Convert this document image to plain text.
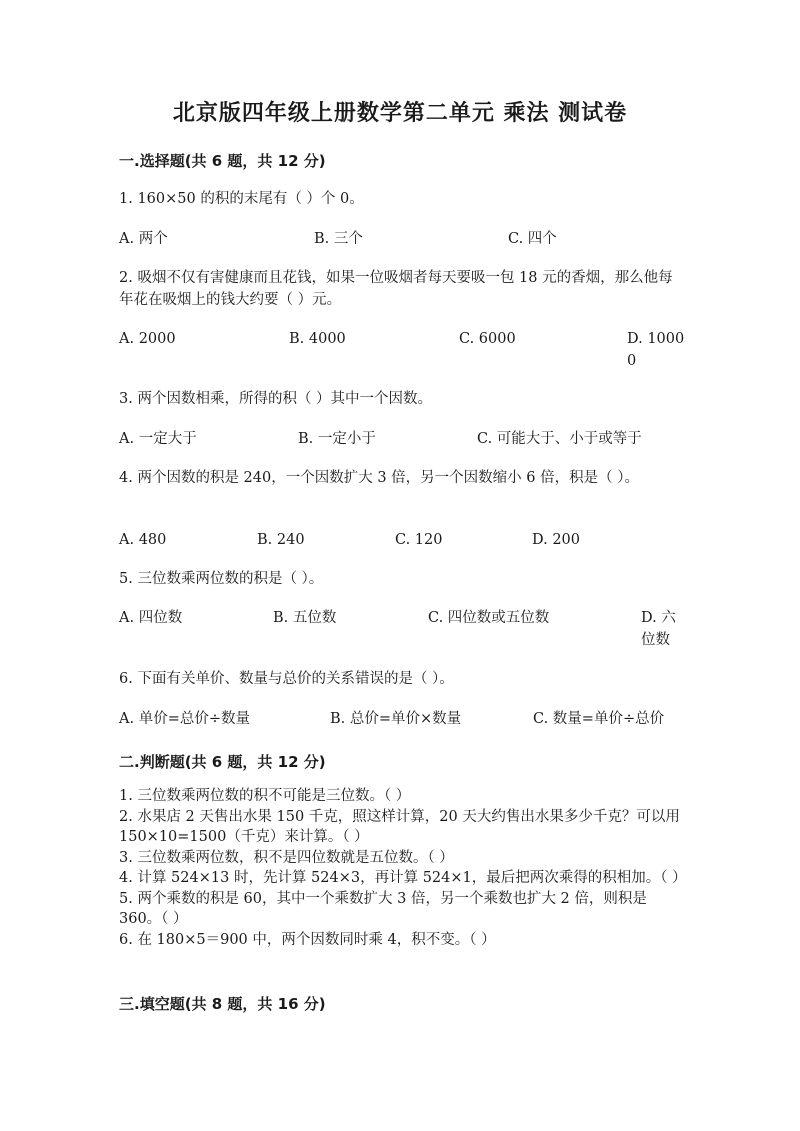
北京版四年级上册数学第二单元 乘法 测试卷
一.选择题(共 6 题，共 12 分)
1. 160×50 的积的末尾有（ ）个 0。
A. 两个	B. 三个	C. 四个
2. 吸烟不仅有害健康而且花钱，如果一位吸烟者每天要吸一包 18 元的香烟，那么他每年花在吸烟上的钱大约要（ ）元。
A. 2000	B. 4000	C. 6000	D. 1000
0
3. 两个因数相乘，所得的积（ ）其中一个因数。
A. 一定大于	B. 一定小于	C. 可能大于、小于或等于
4. 两个因数的积是 240，一个因数扩大 3 倍，另一个因数缩小 6 倍，积是（ ）。
A. 480	B. 240	C. 120	D. 200
5. 三位数乘两位数的积是（ ）。
A. 四位数	B. 五位数	C. 四位数或五位数	D. 六
位数
6. 下面有关单价、数量与总价的关系错误的是（ ）。
A. 单价=总价÷数量	B. 总价=单价×数量	C. 数量=单价÷总价
二.判断题(共 6 题，共 12 分)
1. 三位数乘两位数的积不可能是三位数。（ ）
2. 水果店 2 天售出水果 150 千克，照这样计算，20 天大约售出水果多少千克？可以用 150×10=1500（千克）来计算。（ ）
3. 三位数乘两位数，积不是四位数就是五位数。（ ）
4. 计算 524×13 时，先计算 524×3，再计算 524×1，最后把两次乘得的积相加。（ ）
5. 两个乘数的积是 60，其中一个乘数扩大 3 倍，另一个乘数也扩大 2 倍，则积是 360。（ ）
6. 在 180×5＝900 中，两个因数同时乘 4，积不变。（ ）
三.填空题(共 8 题，共 16 分)
